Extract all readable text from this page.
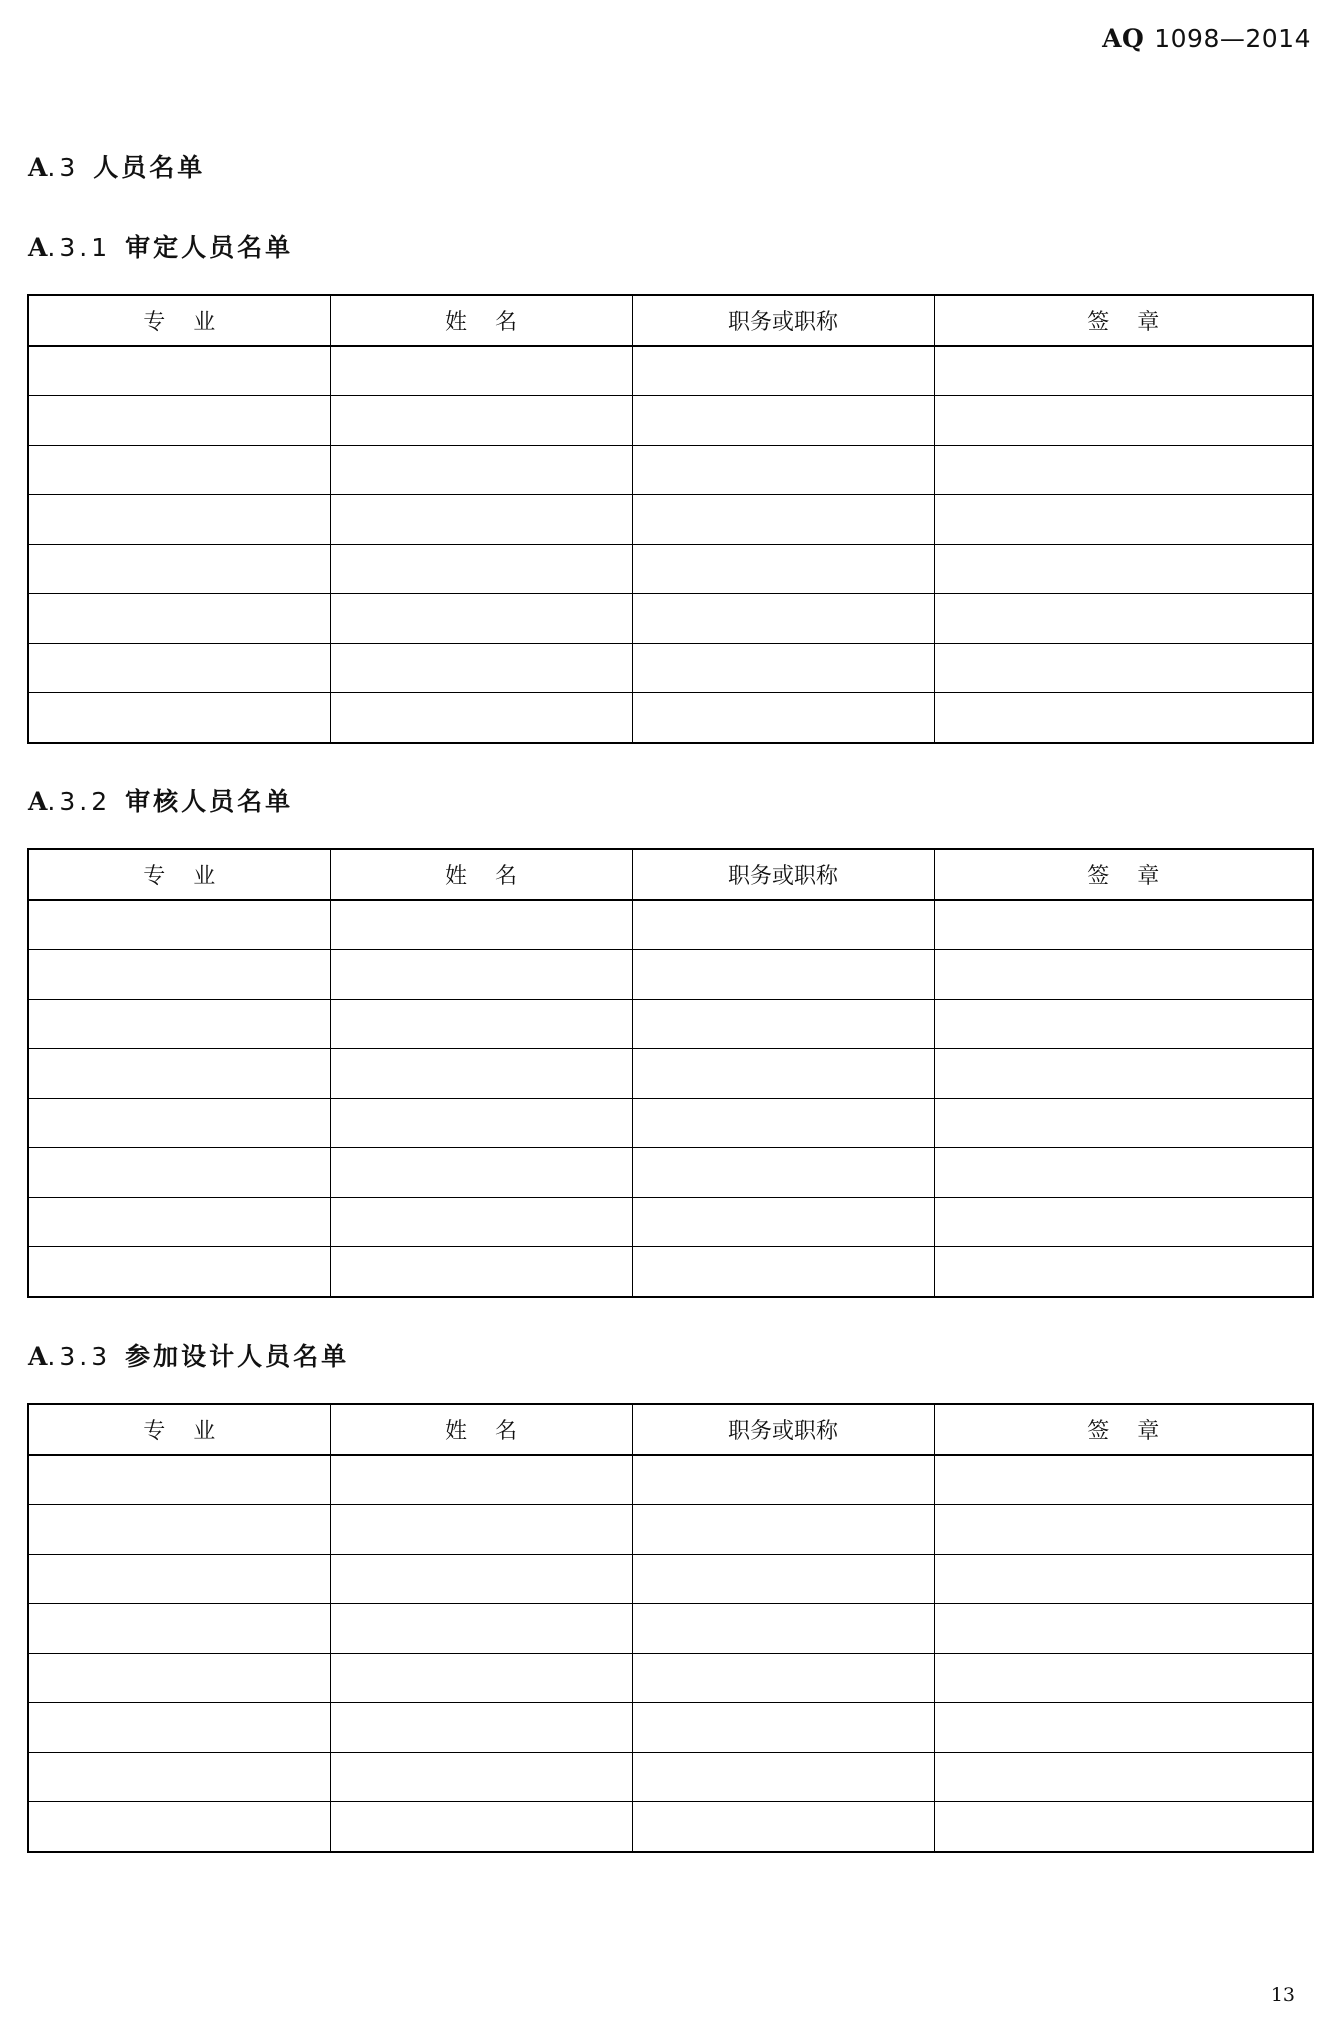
AQ 1098—2014
A.3 人员名单
A.3.1 审定人员名单
专    业	姓    名	职务或职称	签    章

A.3.2 审核人员名单
专    业	姓    名	职务或职称	签    章

A.3.3 参加设计人员名单
专    业	姓    名	职务或职称	签    章

13
